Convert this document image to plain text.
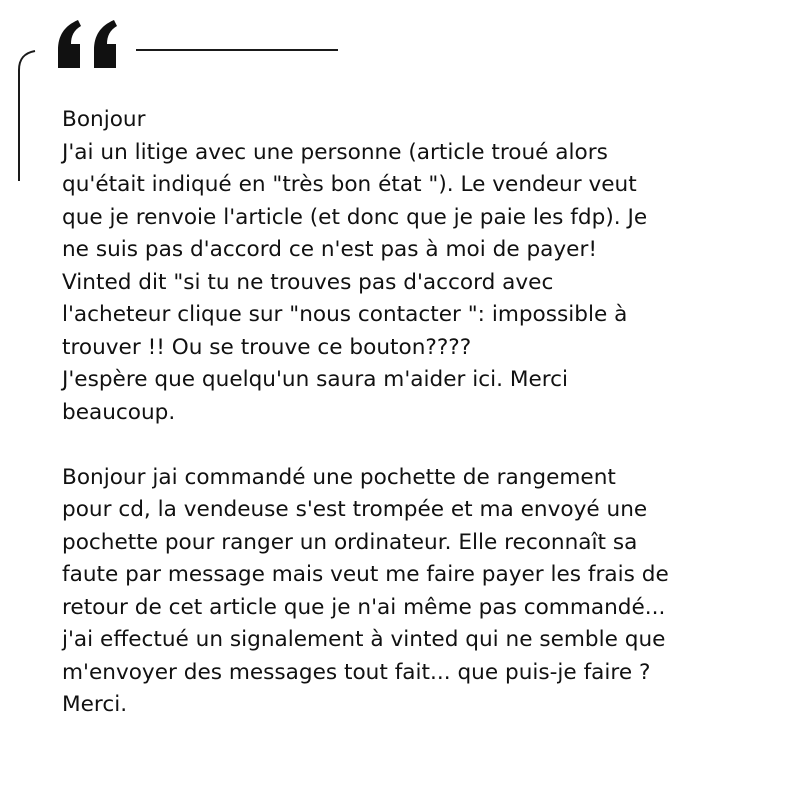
Bonjour
J'ai un litige avec une personne (article troué alors
qu'était indiqué en "très bon état "). Le vendeur veut
que je renvoie l'article (et donc que je paie les fdp). Je
ne suis pas d'accord ce n'est pas à moi de payer!
Vinted dit "si tu ne trouves pas d'accord avec
l'acheteur clique sur "nous contacter ": impossible à
trouver !! Ou se trouve ce bouton????
J'espère que quelqu'un saura m'aider ici. Merci
beaucoup.
Bonjour jai commandé une pochette de rangement
pour cd, la vendeuse s'est trompée et ma envoyé une
pochette pour ranger un ordinateur. Elle reconnaît sa
faute par message mais veut me faire payer les frais de
retour de cet article que je n'ai même pas commandé...
j'ai effectué un signalement à vinted qui ne semble que
m'envoyer des messages tout fait... que puis-je faire ?
Merci.
